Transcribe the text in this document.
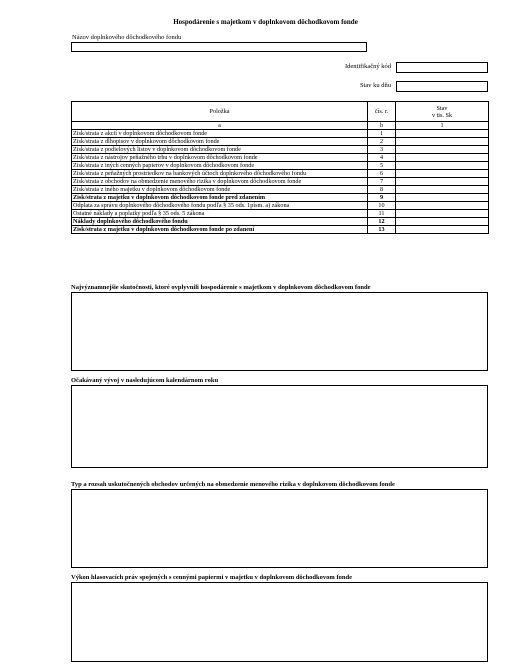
Hospodárenie s majetkom v doplnkovom dôchodkovom fonde
Názov doplnkového dôchodkového fondu
Identifikačný kód
Stav ku dňu
Položka	čís. r.	Stav
v tis. Sk

a	b	1
Zisk/strata z akcií v doplnkovom dôchodkovom fonde	1	
Zisk/strata z dlhopisov v doplnkovom dôchodkovom fonde	2	
Zisk/strata z podielových listov v doplnkovom dôchodkovom fonde	3	
Zisk/strata z nástrojov peňažného trhu v doplnkovom dôchodkovom fonde	4	
Zisk/strata z iných cenných papierov v doplnkovom dôchodkovom fonde	5	
Zisk/strata z peňažných prostriedkov na bankových účtoch doplnkového dôchodkového fondu	6	
Zisk/strata z obchodov na obmedzenie menového rizika v doplnkovom dôchodkovom fonde	7	
Zisk/strata z iného majetku v doplnkovom dôchodkovom fonde	8	
Zisk/strata z majetku v doplnkovom dôchodkovom fonde pred zdanením	9	
Odplata za správu doplnkového dôchodkového fondu podľa § 35 ods. 1písm. a) zákona	10	
Ostatné náklady a poplatky podľa § 35 ods. 5 zákona	11	
Náklady doplnkového dôchodkového fondu	12	
Zisk/strata z majetku v doplnkovom dôchodkovom fonde po zdanení	13	
Najvýznamnejšie skutočnosti, ktoré ovplyvnili hospodárenie s majetkom v doplnkovom dôchodkovom fonde
Očakávaný vývoj v nasledujúcom kalendárnom roku
Typ a rozsah uskutočnených obchodov určených na obmedzenie menového rizika v doplnkovom dôchodkovom fonde
Výkon hlasovacích práv spojených s cennými papiermi v majetku v doplnkovom dôchodkovom fonde
